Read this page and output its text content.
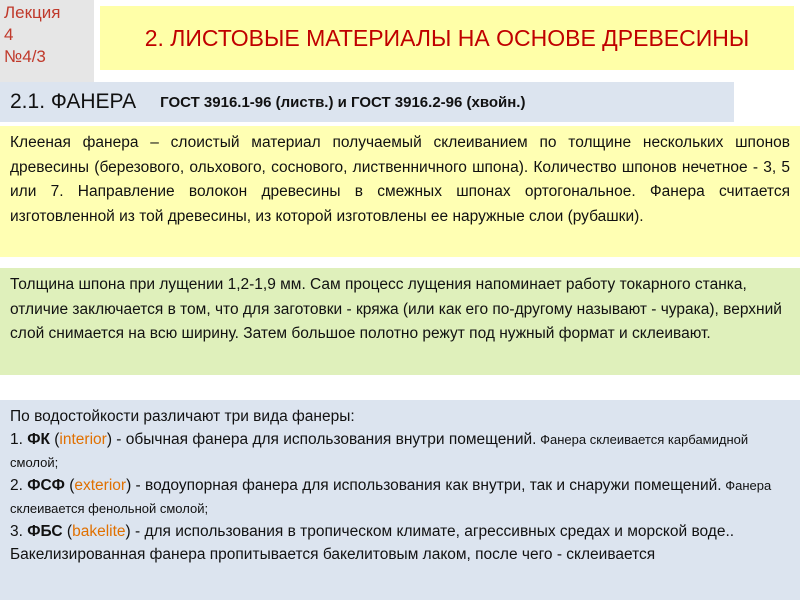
Лекция
4
№4/3
2. ЛИСТОВЫЕ МАТЕРИАЛЫ НА ОСНОВЕ ДРЕВЕСИНЫ
2.1. ФАНЕРА ГОСТ 3916.1-96 (листв.) и ГОСТ 3916.2-96 (хвойн.)
Клееная фанера – слоистый материал получаемый склеиванием по толщине нескольких шпонов древесины (березового, ольхового, соснового, лиственничного шпона). Количество шпонов нечетное - 3, 5 или 7. Направление волокон древесины в смежных шпонах ортогональное. Фанера считается изготовленной из той древесины, из которой изготовлены ее наружные слои (рубашки).
Толщина шпона при лущении 1,2-1,9 мм. Сам процесс лущения напоминает работу токарного станка, отличие заключается в том, что для заготовки - кряжа (или как его по-другому называют - чурака), верхний слой снимается на всю ширину. Затем большое полотно режут под нужный формат и склеивают.
По водостойкости различают три вида фанеры:
1. ФК (interior) - обычная фанера для использования внутри помещений. Фанера склеивается карбамидной смолой;
2. ФСФ (exterior) - водоупорная фанера для использования как внутри, так и снаружи помещений. Фанера склеивается фенольной смолой;
3. ФБС (bakelite) - для использования в тропическом климате, агрессивных средах и морской воде.. Бакелизированная фанера пропитывается бакелитовым лаком, после чего - склеивается
